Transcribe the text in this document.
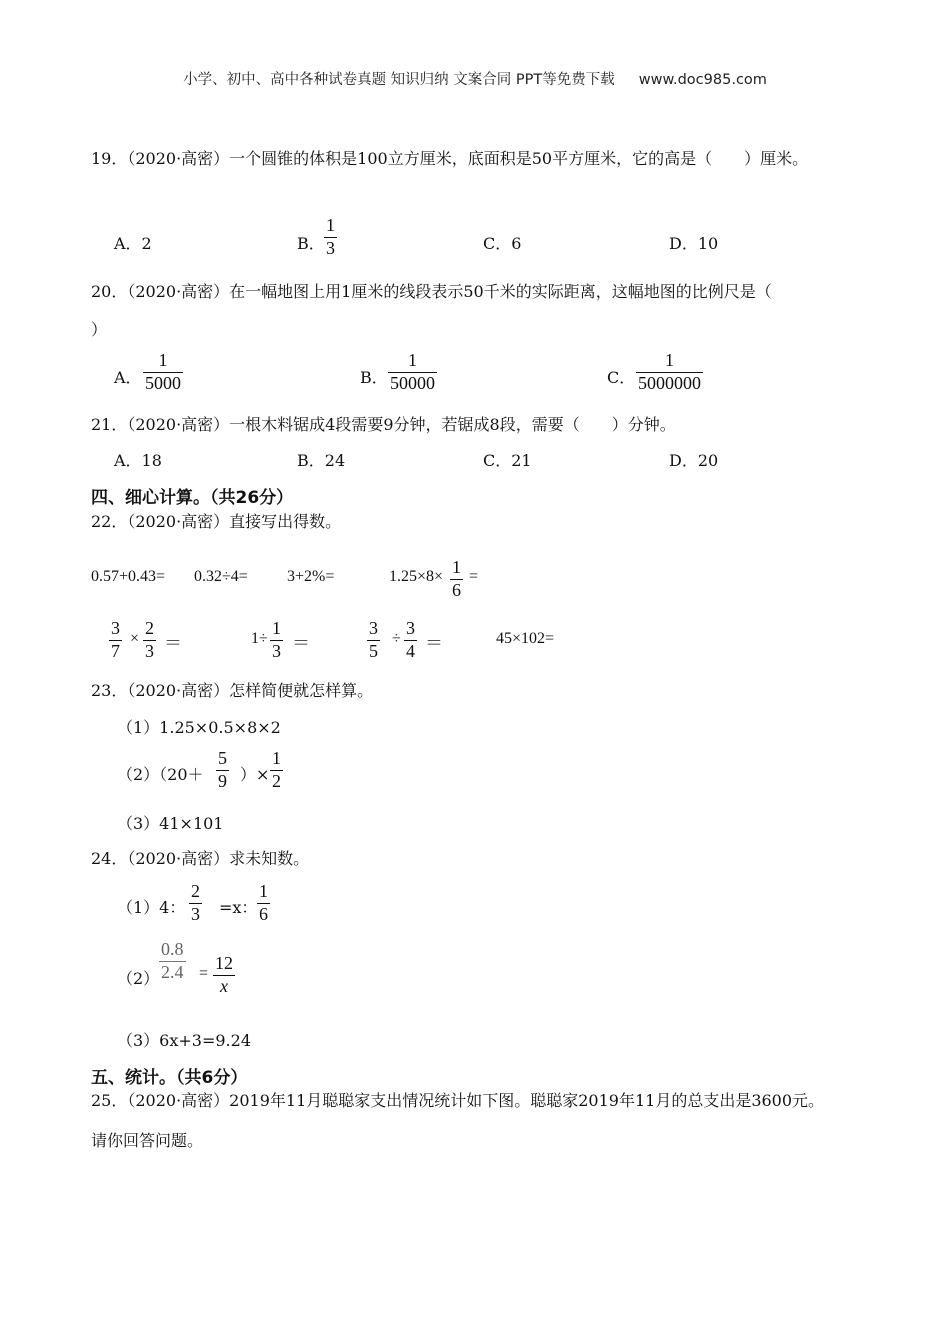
小学、初中、高中各种试卷真题 知识归纳 文案合同 PPT等免费下载 www.doc985.com
19．（2020·高密）一个圆锥的体积是100立方厘米，底面积是50平方厘米，它的高是（　　）厘米。
A．2	B．
1
3	C．6	D．10
20．（2020·高密）在一幅地图上用1厘米的线段表示50千米的实际距离，这幅地图的比例尺是（
）
A．
1
5000	B．
1
50000	C．
1
5000000
21．（2020·高密）一根木料锯成4段需要9分钟，若锯成8段，需要（　　）分钟。
A．18	B．24	C．21	D．20
四、细心计算。（共26分）
22．（2020·高密）直接写出得数。
0.57+0.43= 0.32÷4= 3+2%=	1.25×8× 1
6
=
3
7
×
2
3 ＝	1÷
1
3 ＝
3
5
÷
3
4 ＝	45×102=
23．（2020·高密）怎样简便就怎样算。
（1）1.25×0.5×8×2
（2）（20＋
5
9 ）×
1
2
（3）41×101
24．（2020·高密）求未知数。
（1）4：
2
3 =x：
1
6
（2）
0.8
2.4 =
12
x
（3）6x+3=9.24
五、统计。（共6分）
25．（2020·高密）2019年11月聪聪家支出情况统计如下图。聪聪家2019年11月的总支出是3600元。
请你回答问题。
